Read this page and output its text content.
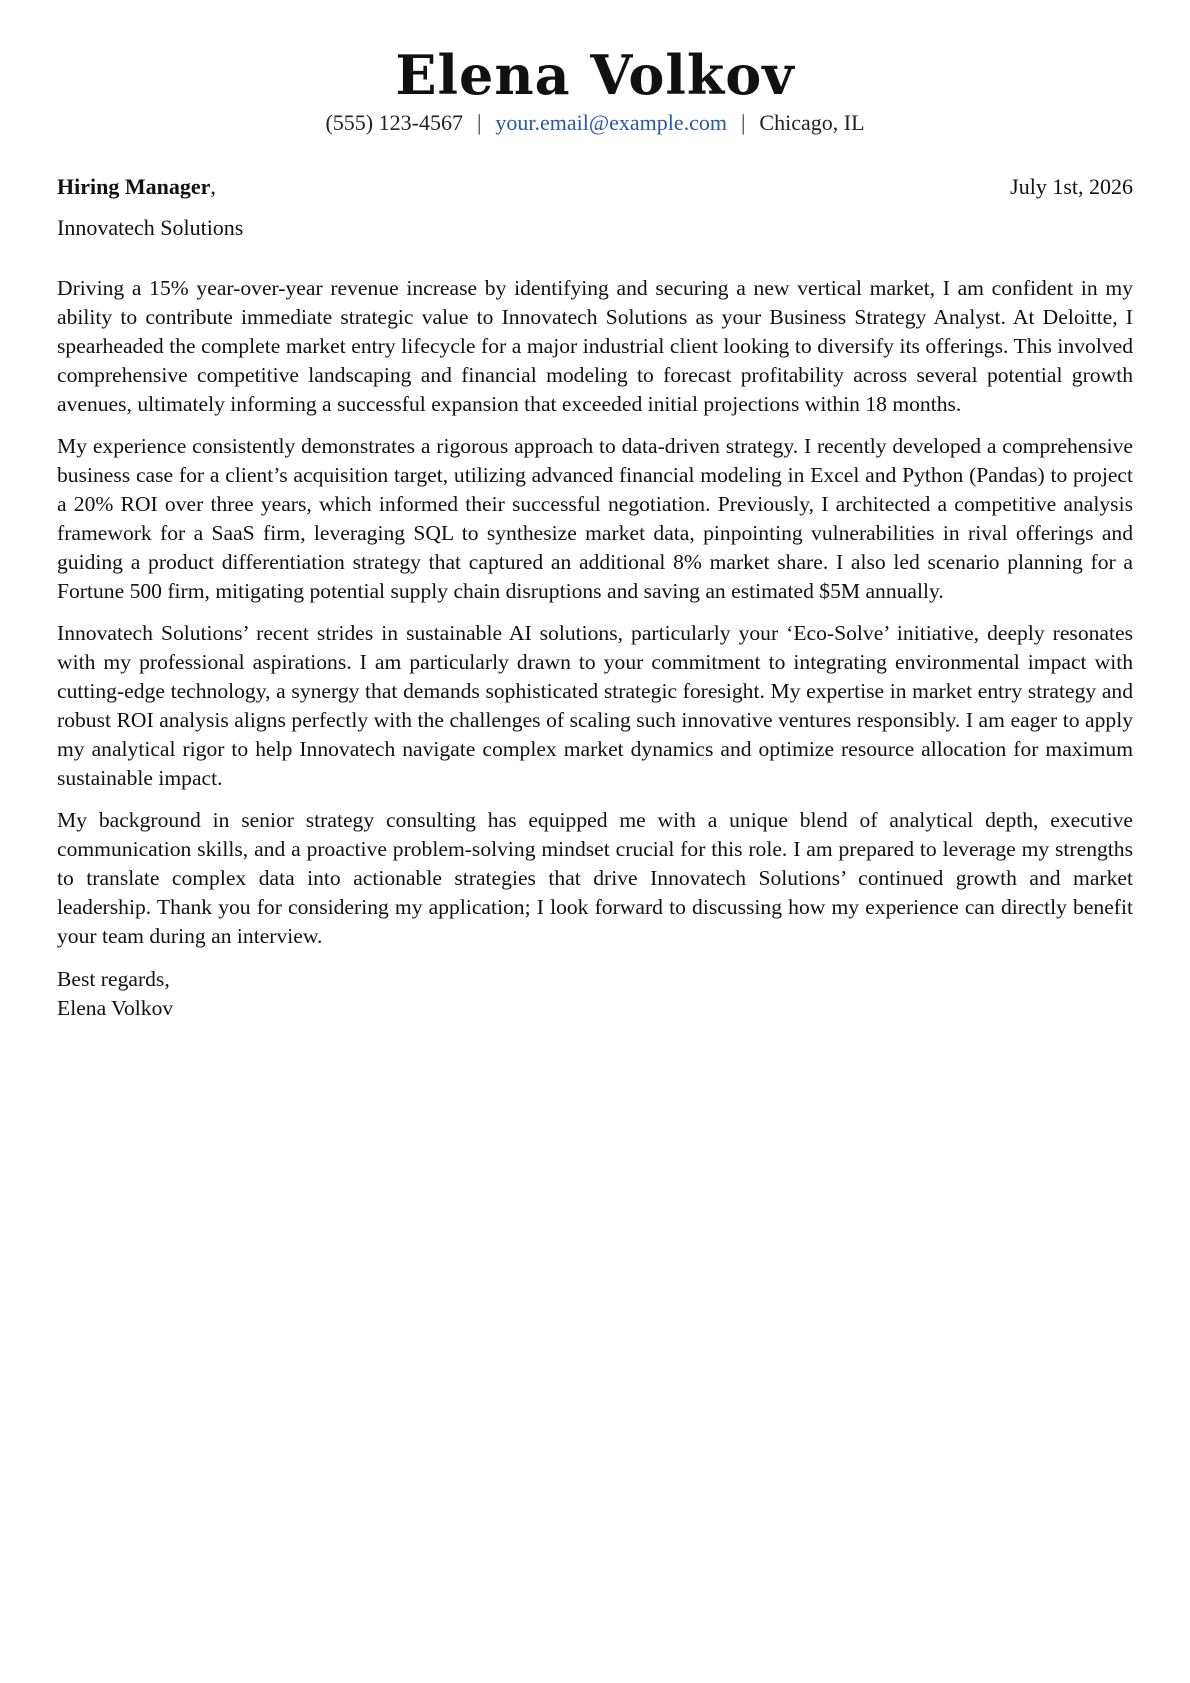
Elena Volkov
(555) 123-4567 | your.email@example.com | Chicago, IL
Hiring Manager,	July 1st, 2026
Innovatech Solutions

Driving a 15% year-over-year revenue increase by identifying and securing a new vertical market, I am confident in my ability to contribute immediate strategic value to Innovatech Solutions as your Business Strategy Analyst. At Deloitte, I spearheaded the complete market entry lifecycle for a major industrial client looking to diversify its offerings. This involved comprehensive competitive landscaping and financial modeling to forecast profitability across several potential growth avenues, ultimately informing a successful expansion that exceeded initial projections within 18 months.

My experience consistently demonstrates a rigorous approach to data-driven strategy. I recently developed a comprehensive business case for a client’s acquisition target, utilizing advanced financial modeling in Excel and Python (Pandas) to project a 20% ROI over three years, which informed their successful negotiation. Previously, I architected a competitive analysis framework for a SaaS firm, leveraging SQL to synthesize market data, pinpointing vulnerabilities in rival offerings and guiding a product differentiation strategy that captured an additional 8% market share. I also led scenario planning for a Fortune 500 firm, mitigating potential supply chain disruptions and saving an estimated $5M annually.

Innovatech Solutions’ recent strides in sustainable AI solutions, particularly your ‘Eco-Solve’ initiative, deeply resonates with my professional aspirations. I am particularly drawn to your commitment to integrating environmental impact with cutting-edge technology, a synergy that demands sophisticated strategic foresight. My expertise in market entry strategy and robust ROI analysis aligns perfectly with the challenges of scaling such innovative ventures responsibly. I am eager to apply my analytical rigor to help Innovatech navigate complex market dynamics and optimize resource allocation for maximum sustainable impact.

My background in senior strategy consulting has equipped me with a unique blend of analytical depth, executive communication skills, and a proactive problem-solving mindset crucial for this role. I am prepared to leverage my strengths to translate complex data into actionable strategies that drive Innovatech Solutions’ continued growth and market leadership. Thank you for considering my application; I look forward to discussing how my experience can directly benefit your team during an interview.

Best regards,
Elena Volkov
